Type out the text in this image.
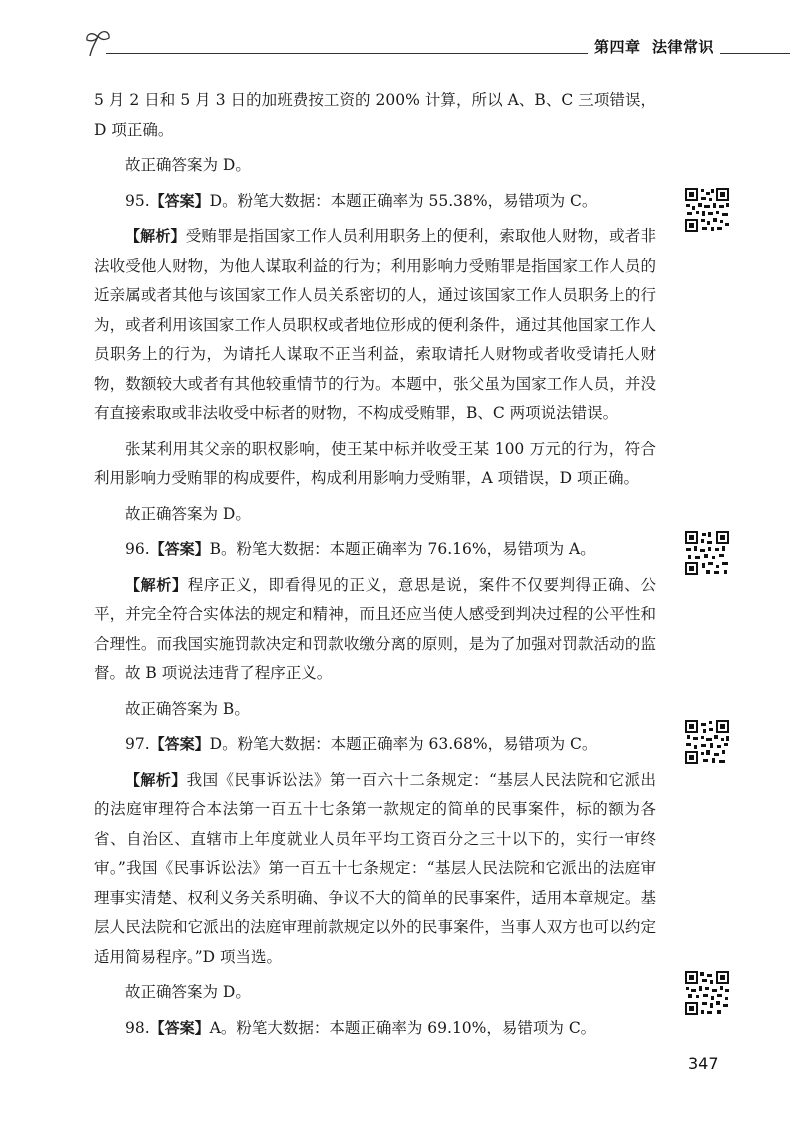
第四章 法律常识

5 月 2 日和 5 月 3 日的加班费按工资的 200% 计算，所以 A、B、C 三项错误，D 项正确。

故正确答案为 D。

95.【答案】D。粉笔大数据：本题正确率为 55.38%，易错项为 C。

【解析】受贿罪是指国家工作人员利用职务上的便利，索取他人财物，或者非法收受他人财物，为他人谋取利益的行为；利用影响力受贿罪是指国家工作人员的近亲属或者其他与该国家工作人员关系密切的人，通过该国家工作人员职务上的行为，或者利用该国家工作人员职权或者地位形成的便利条件，通过其他国家工作人员职务上的行为，为请托人谋取不正当利益，索取请托人财物或者收受请托人财物，数额较大或者有其他较重情节的行为。本题中，张父虽为国家工作人员，并没有直接索取或非法收受中标者的财物，不构成受贿罪，B、C 两项说法错误。

张某利用其父亲的职权影响，使王某中标并收受王某 100 万元的行为，符合利用影响力受贿罪的构成要件，构成利用影响力受贿罪，A 项错误，D 项正确。

故正确答案为 D。

96.【答案】B。粉笔大数据：本题正确率为 76.16%，易错项为 A。

【解析】程序正义，即看得见的正义，意思是说，案件不仅要判得正确、公平，并完全符合实体法的规定和精神，而且还应当使人感受到判决过程的公平性和合理性。而我国实施罚款决定和罚款收缴分离的原则，是为了加强对罚款活动的监督。故 B 项说法违背了程序正义。

故正确答案为 B。

97.【答案】D。粉笔大数据：本题正确率为 63.68%，易错项为 C。

【解析】我国《民事诉讼法》第一百六十二条规定：“基层人民法院和它派出的法庭审理符合本法第一百五十七条第一款规定的简单的民事案件，标的额为各省、自治区、直辖市上年度就业人员年平均工资百分之三十以下的，实行一审终审。”我国《民事诉讼法》第一百五十七条规定：“基层人民法院和它派出的法庭审理事实清楚、权利义务关系明确、争议不大的简单的民事案件，适用本章规定。基层人民法院和它派出的法庭审理前款规定以外的民事案件，当事人双方也可以约定适用简易程序。”D 项当选。

故正确答案为 D。

98.【答案】A。粉笔大数据：本题正确率为 69.10%，易错项为 C。

347
